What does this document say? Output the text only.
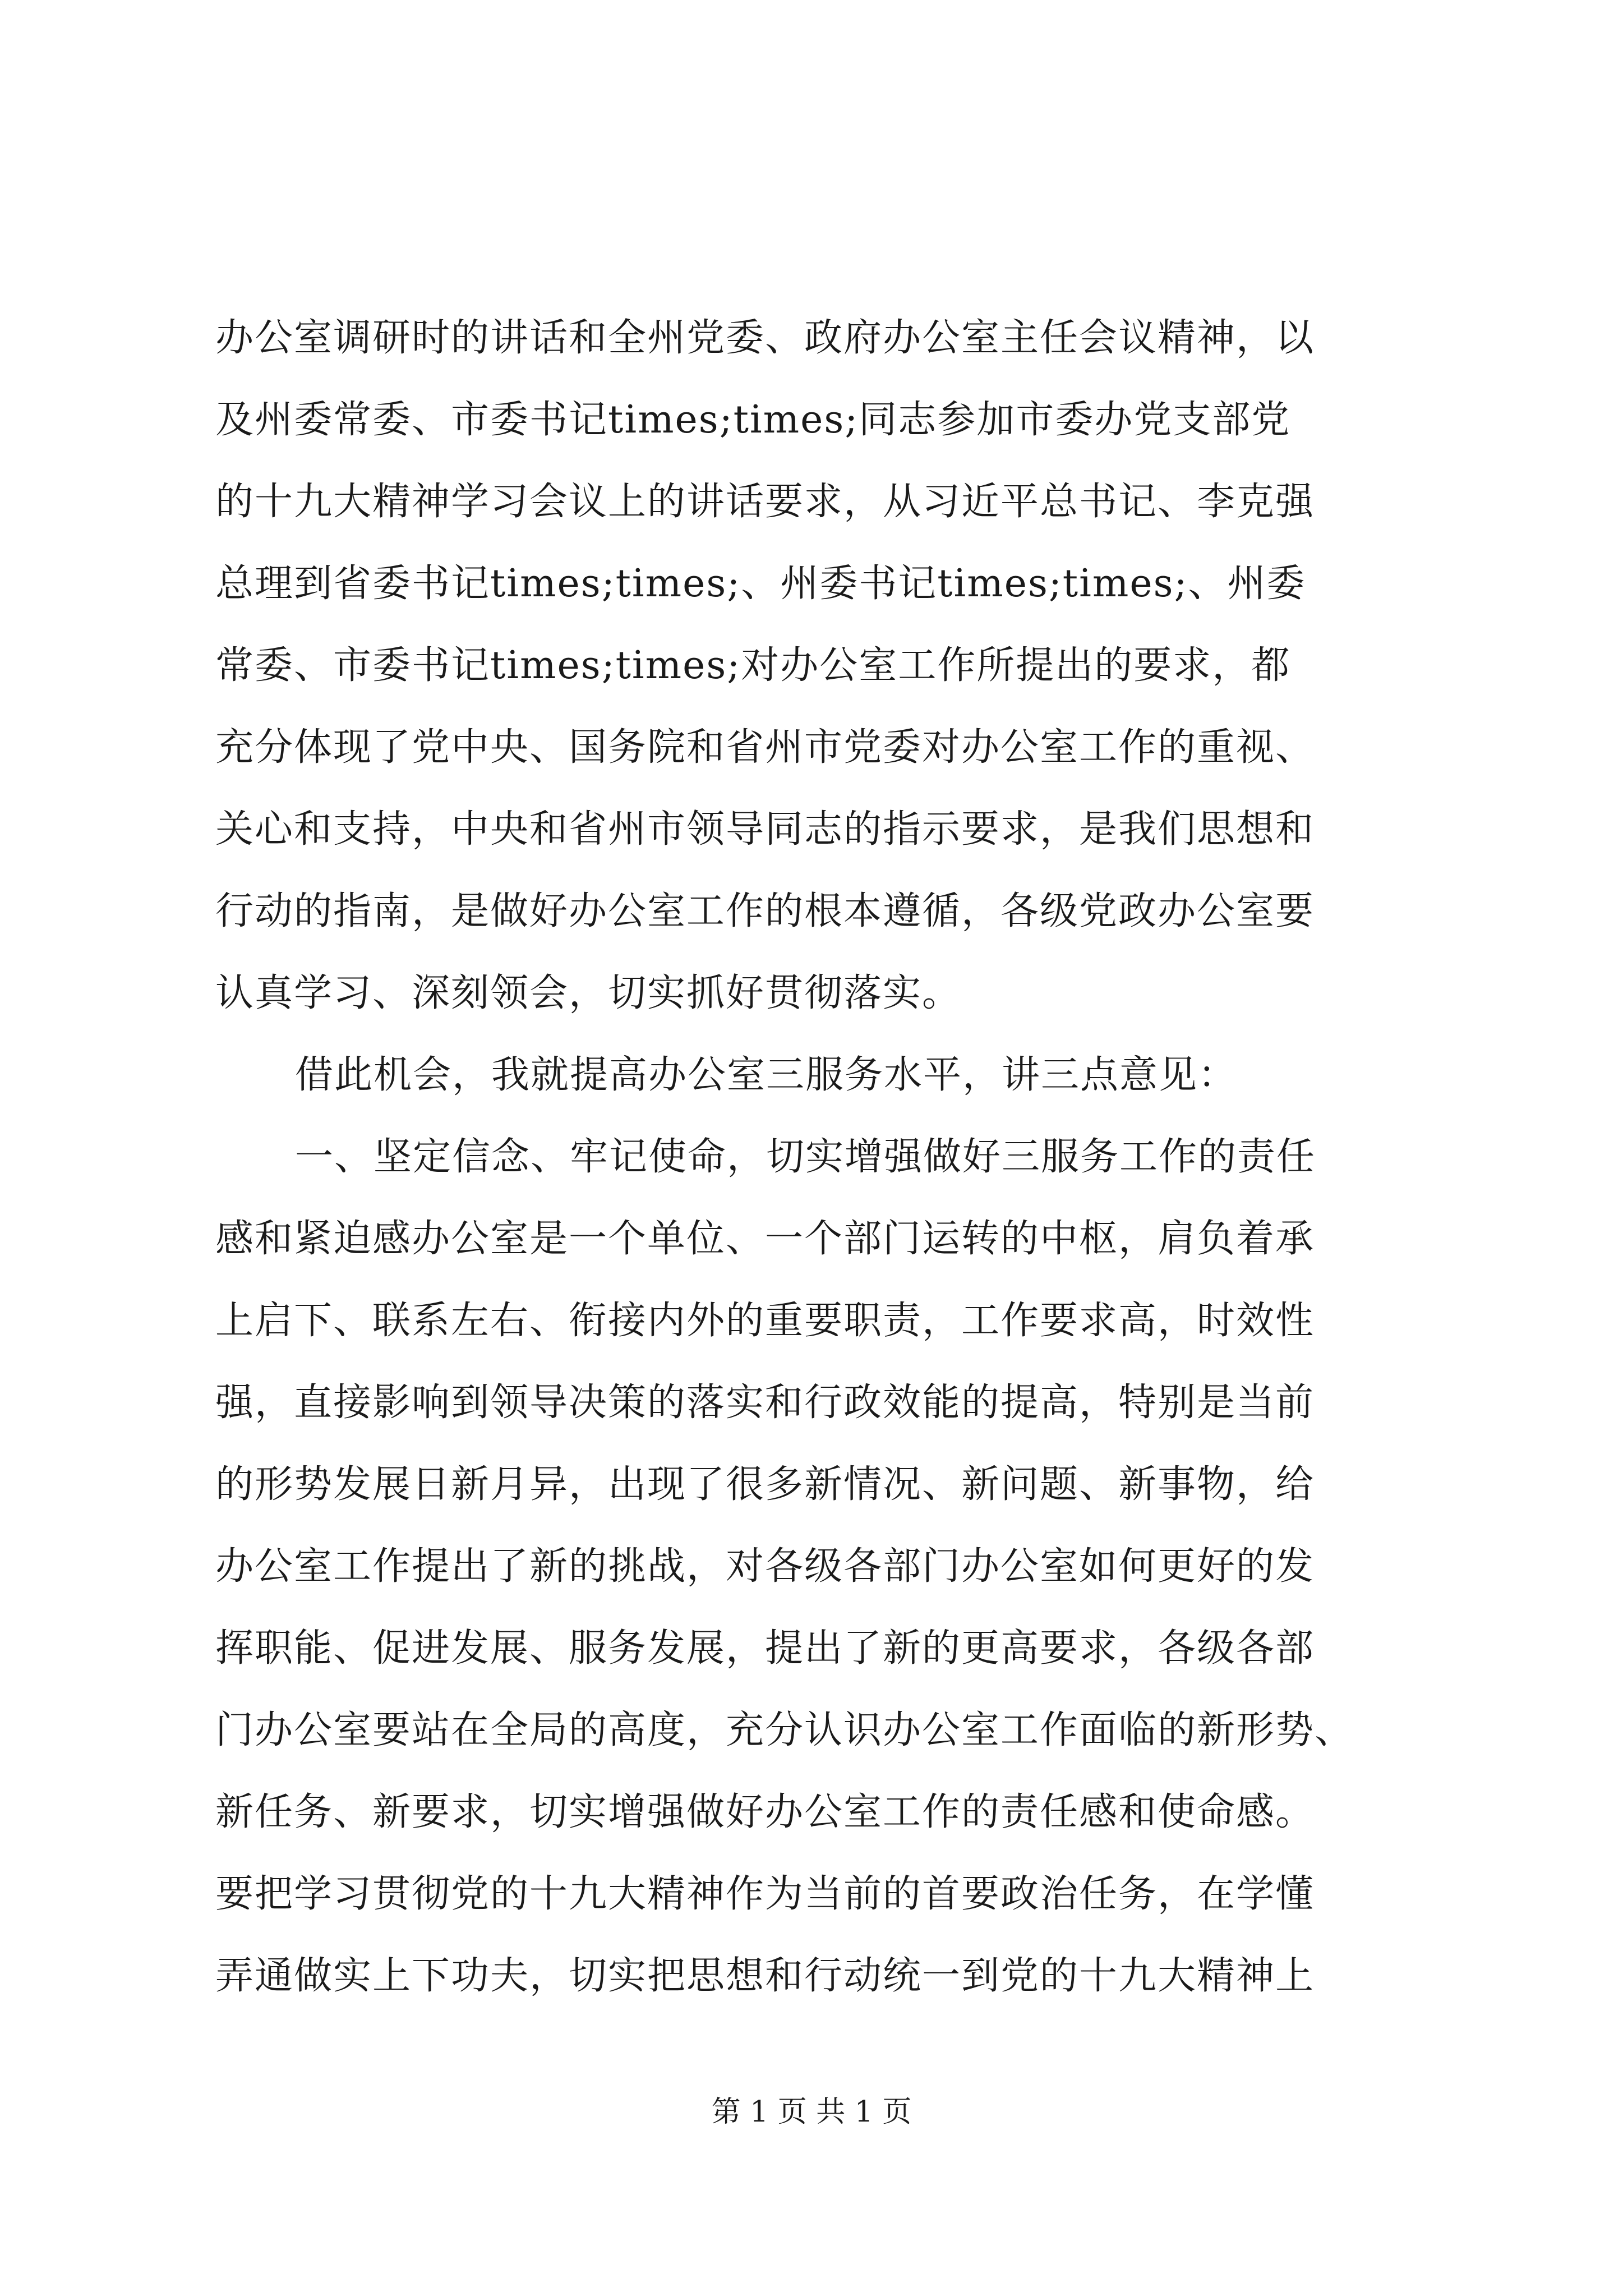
办公室调研时的讲话和全州党委、政府办公室主任会议精神，以
及州委常委、市委书记times;times;同志参加市委办党支部党
的十九大精神学习会议上的讲话要求，从习近平总书记、李克强
总理到省委书记times;times;、州委书记times;times;、州委
常委、市委书记times;times;对办公室工作所提出的要求，都
充分体现了党中央、国务院和省州市党委对办公室工作的重视、
关心和支持，中央和省州市领导同志的指示要求，是我们思想和
行动的指南，是做好办公室工作的根本遵循，各级党政办公室要
认真学习、深刻领会，切实抓好贯彻落实。
借此机会，我就提高办公室三服务水平，讲三点意见：
一、坚定信念、牢记使命，切实增强做好三服务工作的责任
感和紧迫感办公室是一个单位、一个部门运转的中枢，肩负着承
上启下、联系左右、衔接内外的重要职责，工作要求高，时效性
强，直接影响到领导决策的落实和行政效能的提高，特别是当前
的形势发展日新月异，出现了很多新情况、新问题、新事物，给
办公室工作提出了新的挑战，对各级各部门办公室如何更好的发
挥职能、促进发展、服务发展，提出了新的更高要求，各级各部
门办公室要站在全局的高度，充分认识办公室工作面临的新形势、
新任务、新要求，切实增强做好办公室工作的责任感和使命感。
要把学习贯彻党的十九大精神作为当前的首要政治任务，在学懂
弄通做实上下功夫，切实把思想和行动统一到党的十九大精神上
第 1 页 共 1 页
